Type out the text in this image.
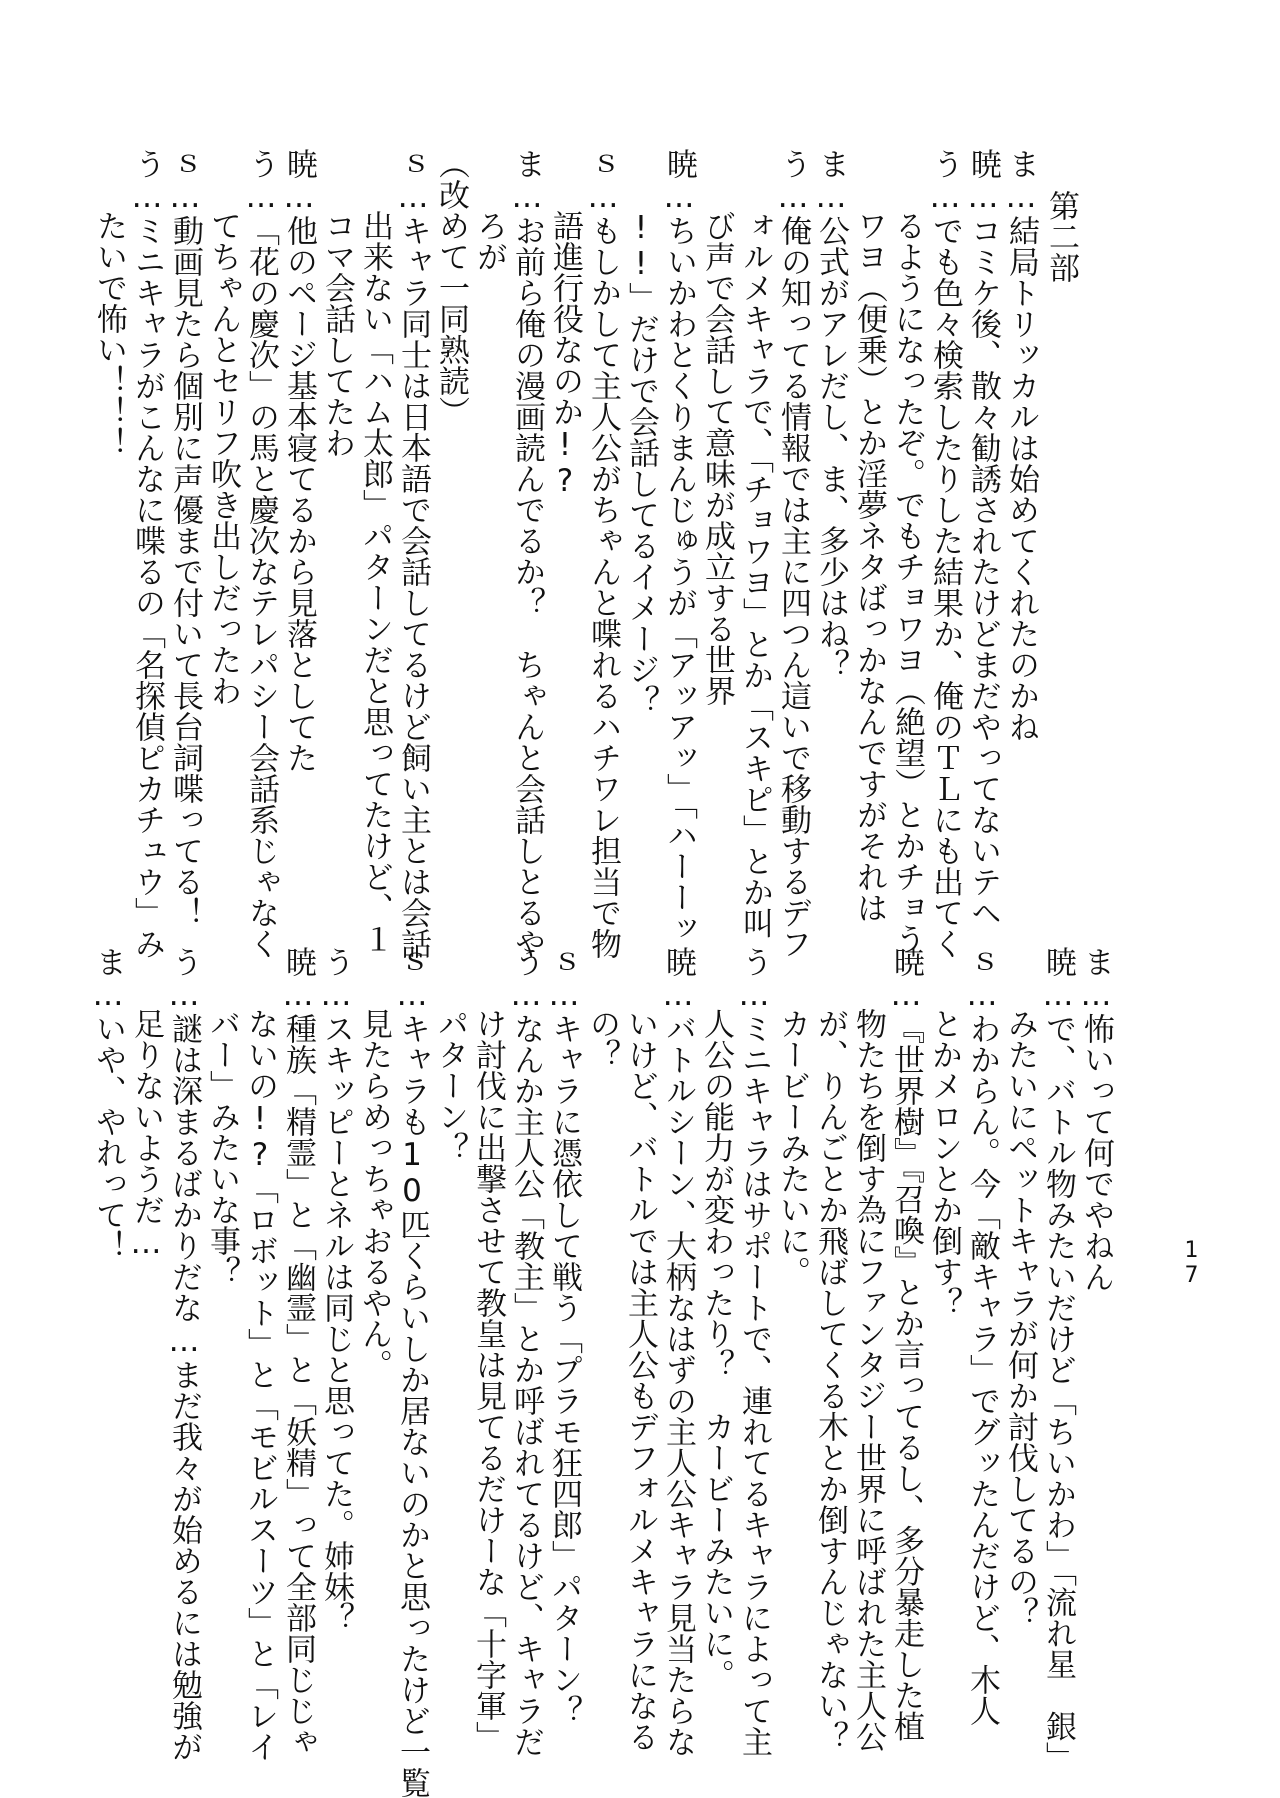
第二部
ま…結局トリッカルは始めてくれたのかね
暁…コミケ後、散々勧誘されたけどまだやってないテヘ
う…でも色々検索したりした結果か、俺のＴＬにも出てく
るようになったぞ。でもチョワヨ（絶望）とかチョう
ワヨ（便乗）とか淫夢ネタばっかなんですがそれは
ま…公式がアレだし、ま、多少はね？
う…俺の知ってる情報では主に四つん這いで移動するデフ
ォルメキャラで、「チョワヨ」とか「スキピ」とか叫
び声で会話して意味が成立する世界
暁…ちいかわとくりまんじゅうが「アッアッ」「ハーーッ
!!」だけで会話してるイメージ？
ｓ…もしかして主人公がちゃんと喋れるハチワレ担当で物
語進行役なのか!?
ま…お前ら俺の漫画読んでるか？　ちゃんと会話しとるや
ろが
（改めて一同熟読）
ｓ…キャラ同士は日本語で会話してるけど飼い主とは会話
出来ない「ハム太郎」パターンだと思ってたけど、１
コマ会話してたわ
暁…他のページ基本寝てるから見落としてた
う…「花の慶次」の馬と慶次なテレパシー会話系じゃなく
てちゃんとセリフ吹き出しだったわ
ｓ…動画見たら個別に声優まで付いて長台詞喋ってる！
う…ミニキャラがこんなに喋るの「名探偵ピカチュウ」み
たいで怖い！！！
ま…怖いって何でやねん
暁…で、バトル物みたいだけど「ちいかわ」「流れ星　銀」
みたいにペットキャラが何か討伐してるの？
ｓ…わからん。今「敵キャラ」でグッたんだけど、木人
とかメロンとか倒す？
暁…『世界樹』『召喚』とか言ってるし、多分暴走した植
物たちを倒す為にファンタジー世界に呼ばれた主人公
が、りんごとか飛ばしてくる木とか倒すんじゃない？
カービーみたいに。
う…ミニキャラはサポートで、連れてるキャラによって主
人公の能力が変わったり？　カービーみたいに。
暁…バトルシーン、大柄なはずの主人公キャラ見当たらな
いけど、バトルでは主人公もデフォルメキャラになる
の？
ｓ…キャラに憑依して戦う「プラモ狂四郎」パターン？
う…なんか主人公「教主」とか呼ばれてるけど、キャラだ
け討伐に出撃させて教皇は見てるだけーな「十字軍」
パターン？
ｓ…キャラも10匹くらいしか居ないのかと思ったけど一覧
見たらめっちゃおるやん。
う…スキッピーとネルは同じと思ってた。姉妹？
暁…種族「精霊」と「幽霊」と「妖精」って全部同じじゃ
ないの!?「ロボット」と「モビルスーツ」と「レイ
バー」みたいな事？
う…謎は深まるばかりだな…まだ我々が始めるには勉強が
足りないようだ…
ま…いや、やれって！
17
